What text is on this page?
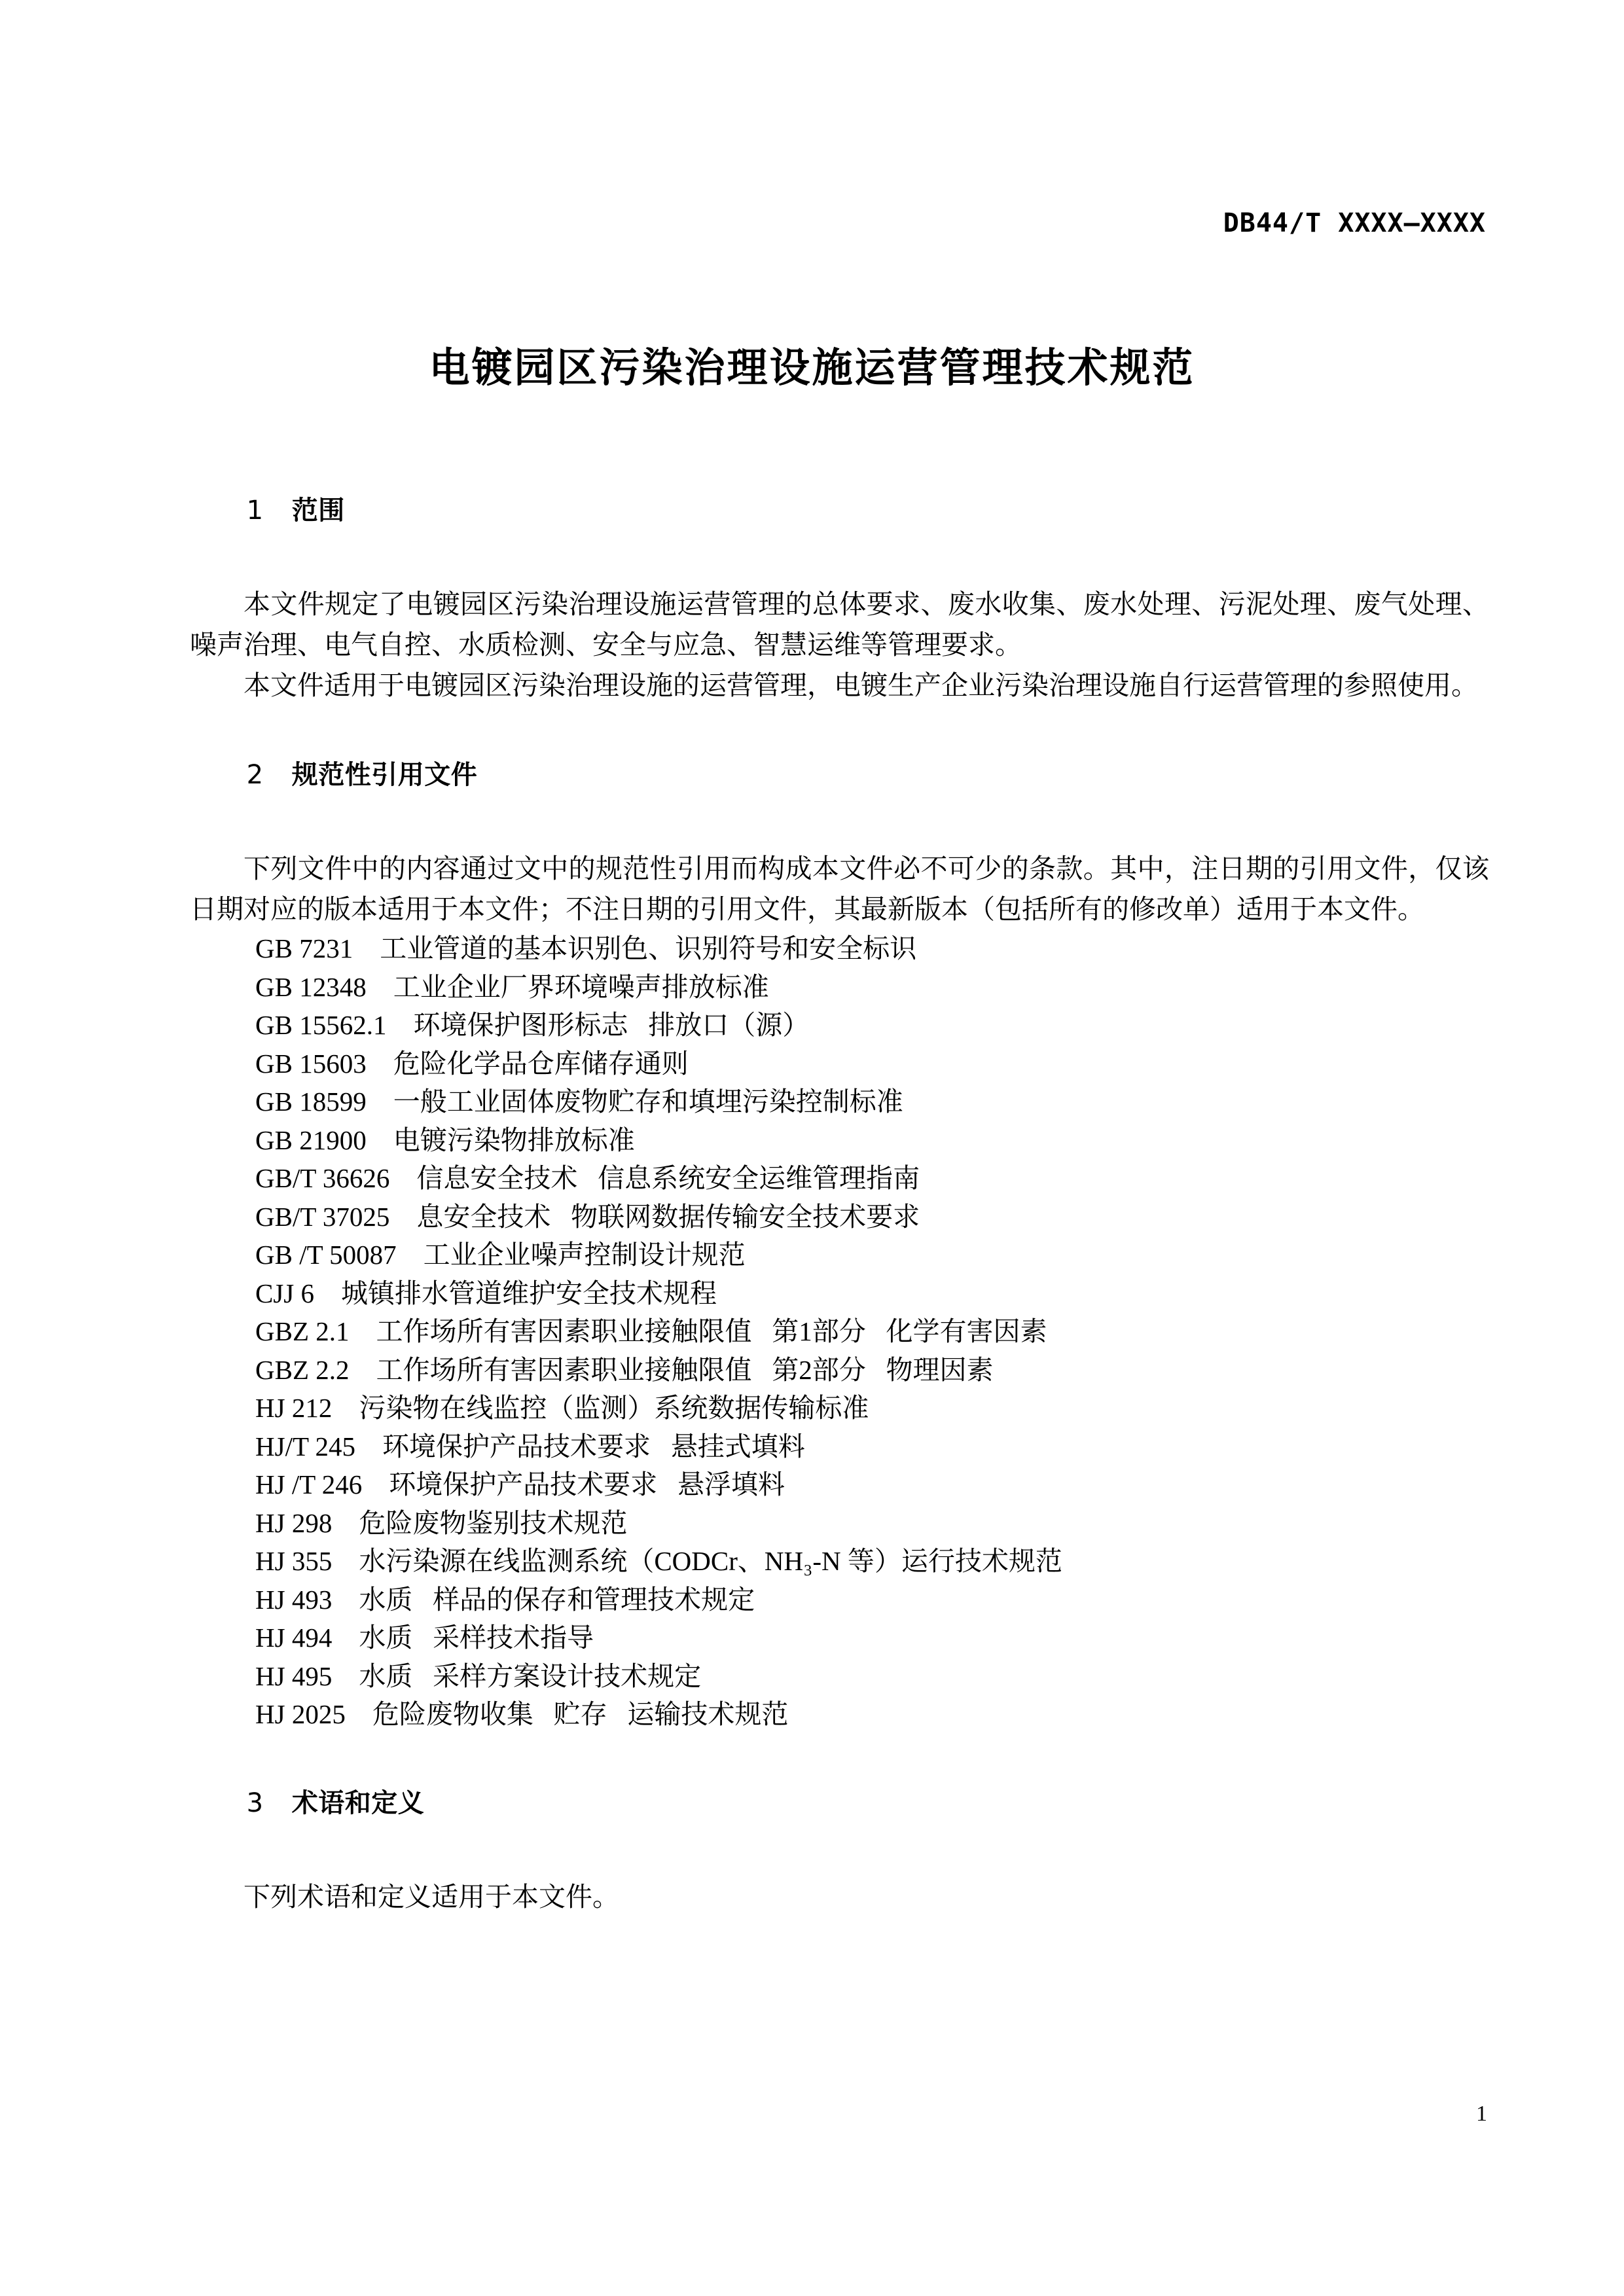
DB44/T XXXX—XXXX
电镀园区污染治理设施运营管理技术规范

1 范围

本文件规定了电镀园区污染治理设施运营管理的总体要求、废水收集、废水处理、污泥处理、废气处理、噪声治理、电气自控、水质检测、安全与应急、智慧运维等管理要求。

本文件适用于电镀园区污染治理设施的运营管理，电镀生产企业污染治理设施自行运营管理的参照使用。

2 规范性引用文件

下列文件中的内容通过文中的规范性引用而构成本文件必不可少的条款。其中，注日期的引用文件，仅该日期对应的版本适用于本文件；不注日期的引用文件，其最新版本（包括所有的修改单）适用于本文件。

GB 7231 工业管道的基本识别色、识别符号和安全标识
GB 12348 工业企业厂界环境噪声排放标准
GB 15562.1 环境保护图形标志   排放口（源）
GB 15603 危险化学品仓库储存通则
GB 18599 一般工业固体废物贮存和填埋污染控制标准
GB 21900 电镀污染物排放标准
GB/T 36626 信息安全技术   信息系统安全运维管理指南
GB/T 37025 息安全技术   物联网数据传输安全技术要求
GB /T 50087 工业企业噪声控制设计规范
CJJ 6 城镇排水管道维护安全技术规程
GBZ 2.1 工作场所有害因素职业接触限值   第1部分   化学有害因素
GBZ 2.2 工作场所有害因素职业接触限值   第2部分   物理因素
HJ 212 污染物在线监控（监测）系统数据传输标准
HJ/T 245 环境保护产品技术要求   悬挂式填料
HJ /T 246 环境保护产品技术要求   悬浮填料
HJ 298 危险废物鉴别技术规范
HJ 355 水污染源在线监测系统（CODCr、NH₃-N 等）运行技术规范
HJ 493 水质   样品的保存和管理技术规定
HJ 494 水质   采样技术指导
HJ 495 水质   采样方案设计技术规定
HJ 2025 危险废物收集   贮存   运输技术规范

3 术语和定义

下列术语和定义适用于本文件。

1
